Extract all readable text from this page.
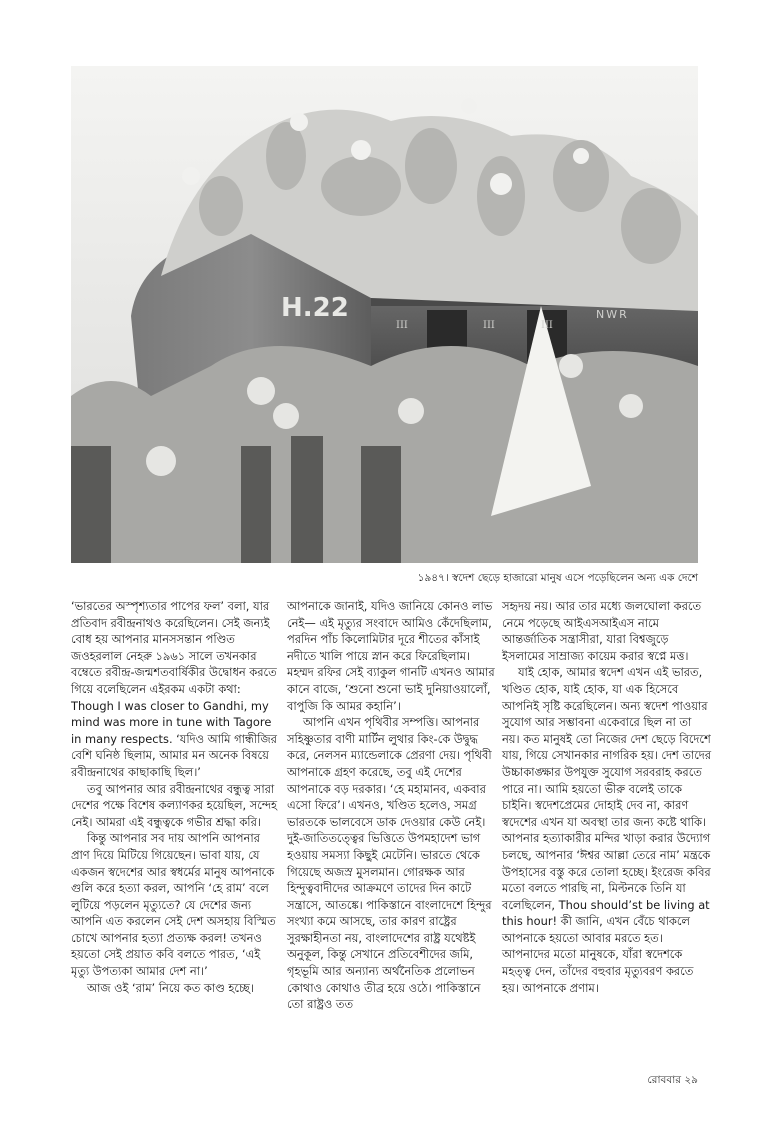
H.22	NWR
III	III	III
১৯৪৭। স্বদেশ ছেড়ে হাজারো মানুষ এসে পড়েছিলেন অন্য এক দেশে

‘ভারতের অস্পৃশ্যতার পাপের ফল’ বলা, যার প্রতিবাদ রবীন্দ্রনাথও করেছিলেন। সেই জন্যই বোধ হয় আপনার মানসসন্তান পণ্ডিত জওহরলাল নেহরু ১৯৬১ সালে তখনকার বম্বেতে রবীন্দ্র-জন্মশতবার্ষিকীর উদ্বোধন করতে গিয়ে বলেছিলেন এইরকম একটা কথা: Though I was closer to Gandhi, my mind was more in tune with Tagore in many respects. ‘যদিও আমি গান্ধীজির বেশি ঘনিষ্ঠ ছিলাম, আমার মন অনেক বিষয়ে রবীন্দ্রনাথের কাছাকাছি ছিল।’

তবু আপনার আর রবীন্দ্রনাথের বন্ধুত্ব সারা দেশের পক্ষে বিশেষ কল্যাণকর হয়েছিল, সন্দেহ নেই। আমরা এই বন্ধুত্বকে গভীর শ্রদ্ধা করি।

কিন্তু আপনার সব দায় আপনি আপনার প্রাণ দিয়ে মিটিয়ে গিয়েছেন। ভাবা যায়, যে একজন স্বদেশের আর স্বধর্মের মানুষ আপনাকে গুলি করে হত্যা করল, আপনি ‘হে রাম’ বলে লুটিয়ে পড়লেন মৃত্যুতে? যে দেশের জন্য আপনি এত করলেন সেই দেশ অসহায় বিস্মিত চোখে আপনার হত্যা প্রত্যক্ষ করল! তখনও হয়তো সেই প্রয়াত কবি বলতে পারত, ‘এই মৃত্যু উপত্যকা আমার দেশ না।’

আজ ওই ‘রাম’ নিয়ে কত কাণ্ড হচ্ছে।

আপনাকে জানাই, যদিও জানিয়ে কোনও লাভ নেই— এই মৃত্যুর সংবাদে আমিও কেঁদেছিলাম, পরদিন পাঁচ কিলোমিটার দূরে শীতের কাঁসাই নদীতে খালি পায়ে স্নান করে ফিরেছিলাম। মহম্মদ রফির সেই ব্যাকুল গানটি এখনও আমার কানে বাজে, ‘শুনো শুনো ভাই দুনিয়াওয়ালোঁ, বাপুজি কি আমর কহানি’।

আপনি এখন পৃথিবীর সম্পত্তি। আপনার সহিষ্ণুতার বাণী মার্টিন লুথার কিং-কে উদ্বুদ্ধ করে, নেলসন ম্যান্ডেলাকে প্রেরণা দেয়। পৃথিবী আপনাকে গ্রহণ করেছে, তবু এই দেশের আপনাকে বড় দরকার। ‘হে মহামানব, একবার এসো ফিরে’। এখনও, খণ্ডিত হলেও, সমগ্র ভারতকে ভালবেসে ডাক দেওয়ার কেউ নেই। দুই-জাতিতত্ত্বের ভিত্তিতে উপমহাদেশ ভাগ হওয়ায় সমস্যা কিছুই মেটেনি। ভারতে থেকে গিয়েছে অজস্র মুসলমান। গোরক্ষক আর হিন্দুত্ববাদীদের আক্রমণে তাদের দিন কাটে সন্ত্রাসে, আতঙ্কে। পাকিস্তানে বাংলাদেশে হিন্দুর সংখ্যা কমে আসছে, তার কারণ রাষ্ট্রের সুরক্ষাহীনতা নয়, বাংলাদেশের রাষ্ট্র যথেষ্টই অনুকূল, কিন্তু সেখানে প্রতিবেশীদের জমি, গৃহভূমি আর অন্যান্য অর্থনৈতিক প্রলোভন কোথাও কোথাও তীব্র হয়ে ওঠে। পাকিস্তানে তো রাষ্ট্রও তত

সহৃদয় নয়। আর তার মধ্যে জলঘোলা করতে নেমে পড়েছে আইএসআইএস নামে আন্তর্জাতিক সন্ত্রাসীরা, যারা বিশ্বজুড়ে ইসলামের সাম্রাজ্য কায়েম করার স্বপ্নে মত্ত।

যাই হোক, আমার স্বদেশ এখন এই ভারত, খণ্ডিত হোক, যাই হোক, যা এক হিসেবে আপনিই সৃষ্টি করেছিলেন। অন্য স্বদেশ পাওয়ার সুযোগ আর সম্ভাবনা একেবারে ছিল না তা নয়। কত মানুষই তো নিজের দেশ ছেড়ে বিদেশে যায়, গিয়ে সেখানকার নাগরিক হয়। দেশ তাদের উচ্চাকাঙ্ক্ষার উপযুক্ত সুযোগ সরবরাহ করতে পারে না। আমি হয়তো ভীরু বলেই তাকে চাইনি। স্বদেশপ্রেমের দোহাই দেব না, কারণ স্বদেশের এখন যা অবস্থা তার জন্য কষ্টে থাকি। আপনার হত্যাকারীর মন্দির খাড়া করার উদ্যোগ চলছে, আপনার ‘ঈশ্বর আল্লা তেরে নাম’ মন্ত্রকে উপহাসের বস্তু করে তোলা হচ্ছে। ইংরেজ কবির মতো বলতে পারছি না, মিল্টনকে তিনি যা বলেছিলেন, Thou should’st be living at this hour! কী জানি, এখন বেঁচে থাকলে আপনাকে হয়তো আবার মরতে হত। আপনাদের মতো মানুষকে, যাঁরা স্বদেশকে মহত্ত্ব দেন, তাঁদের বহুবার মৃত্যুবরণ করতে হয়। আপনাকে প্রণাম।

রোববার ২৯
